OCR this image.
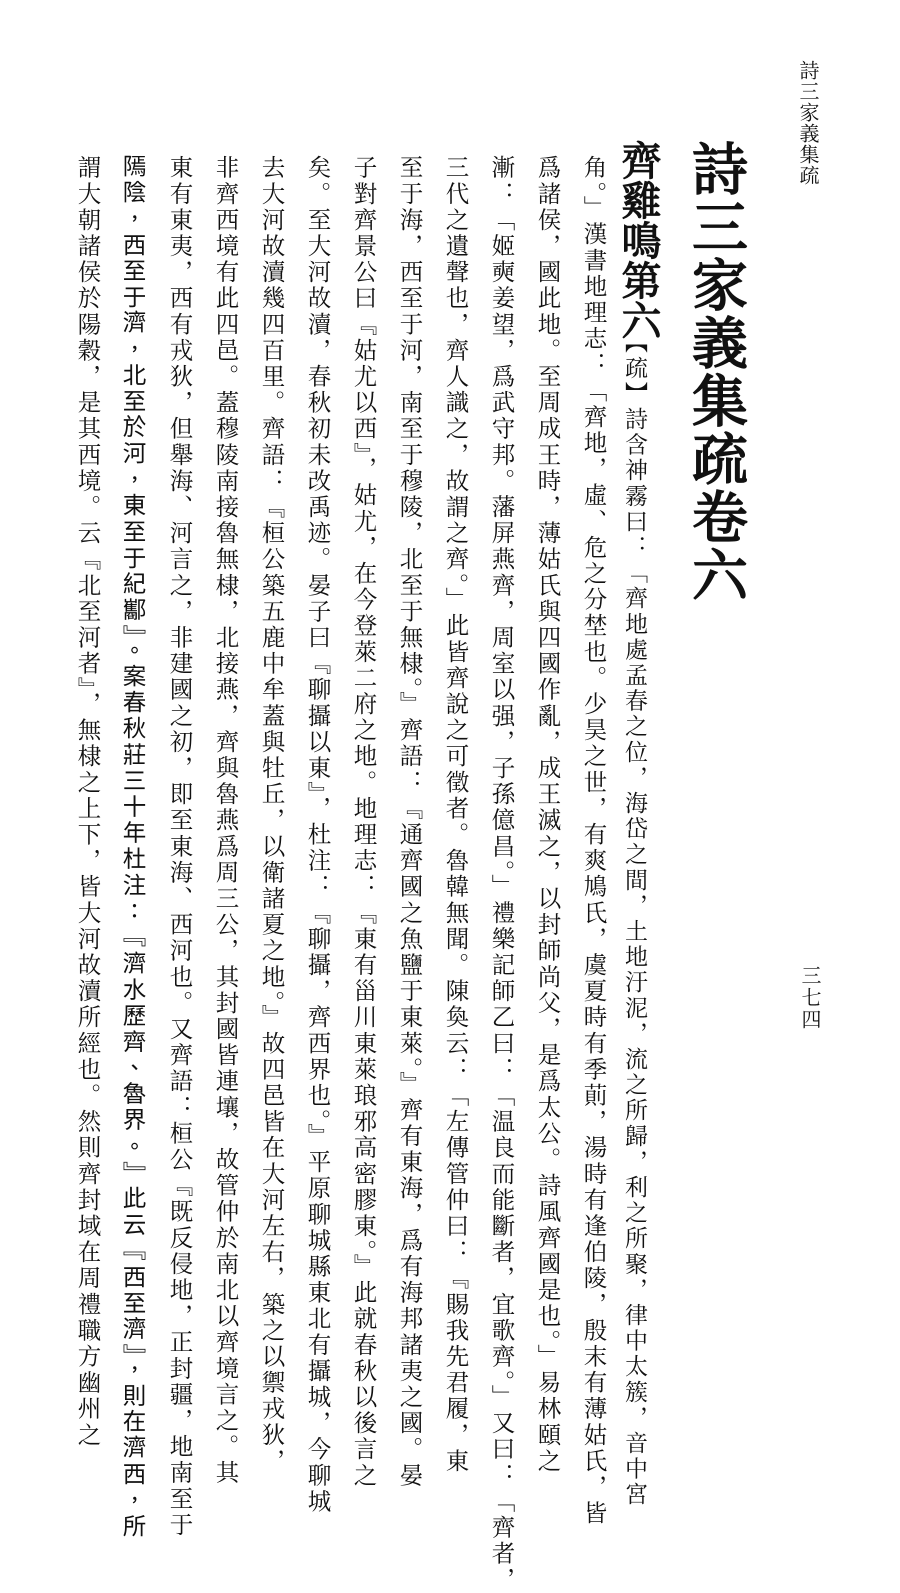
詩三家義集疏
三七四
詩三家義集疏卷六
齊雞鳴第六
【疏】詩含神霧曰：「齊地處孟春之位，海岱之間，土地汙泥，流之所歸，利之所聚，律中太簇，音中宮
角。」漢書地理志：「齊地，虛、危之分埜也。少昊之世，有爽鳩氏，虞夏時有季萴，湯時有逢伯陵，殷末有薄姑氏，皆
爲諸侯，國此地。至周成王時，薄姑氏與四國作亂，成王滅之，以封師尚父，是爲太公。詩風齊國是也。」易林頤之
漸：「姬奭姜望，爲武守邦。藩屏燕齊，周室以强，子孫億昌。」禮樂記師乙曰：「温良而能斷者，宜歌齊。」又曰：「齊者，
三代之遺聲也，齊人識之，故謂之齊。」此皆齊說之可徵者。魯韓無聞。陳奐云：「左傳管仲曰：『賜我先君履，東
至于海，西至于河，南至于穆陵，北至于無棣。』齊語：『通齊國之魚鹽于東萊。』齊有東海，爲有海邦諸夷之國。晏
子對齊景公曰『姑尤以西』，姑尤，在今登萊二府之地。地理志：『東有甾川東萊琅邪高密膠東。』此就春秋以後言之
矣。至大河故瀆，春秋初未改禹迹。晏子曰『聊攝以東』，杜注：『聊攝，齊西界也。』平原聊城縣東北有攝城，今聊城
去大河故瀆幾四百里。齊語：『桓公築五鹿中牟蓋與牡丘，以衛諸夏之地。』故四邑皆在大河左右，築之以禦戎狄，
非齊西境有此四邑。蓋穆陵南接魯無棣，北接燕，齊與魯燕爲周三公，其封國皆連壤，故管仲於南北以齊境言之。其
東有東夷，西有戎狄，但舉海、河言之，非建國之初，即至東海、西河也。又齊語：桓公『既反侵地，正封疆，地南至于
𨻳陰，西至于濟，北至於河，東至于紀酅』。案春秋莊三十年杜注：『濟水歷齊、魯界。』此云『西至濟』，則在濟西，所
謂大朝諸侯於陽穀，是其西境。云『北至河者』，無棣之上下，皆大河故瀆所經也。然則齊封域在周禮職方幽州之
